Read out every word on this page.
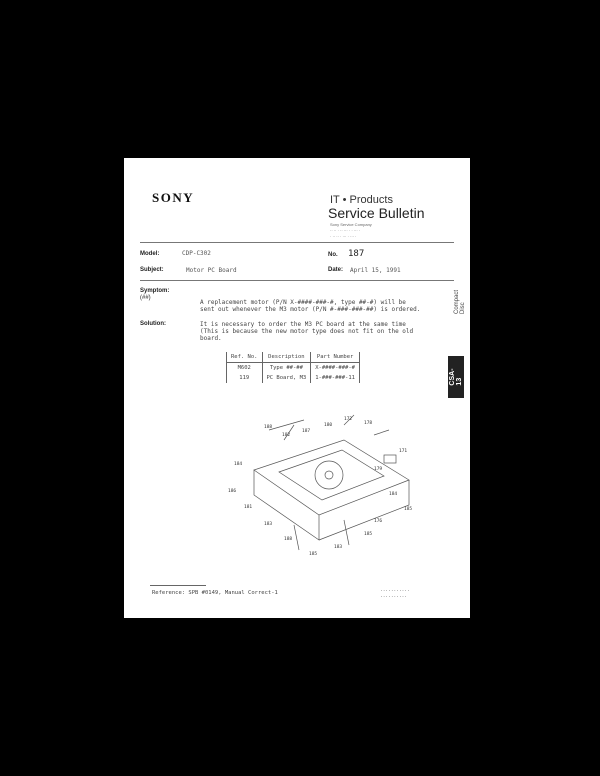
SONY	IT • Products
Service Bulletin
Sony Service Company
·· ·· · ·· ··· · · ··· ·
· ·· ·· · ··· · ··· ·
Model:	CDP-C302	No. 187
Subject:	Motor PC Board	Date: April 15, 1991
Symptom:
(##)
A replacement motor (P/N X-####-###-#, type ##-#) will be
sent out whenever the M3 motor (P/N #-###-###-##) is ordered.
Solution:	It is necessary to order the M3 PC board at the same time
(This is because the new motor type does not fit on the old
board.
Ref. No.	Description	Part Number
M602	Type ##-##	X-####-###-#
119	PC Board, M3	1-###-###-11
Compact Disc
CSA-13
188
182
187
180
172
178
184
171
186
179
181	185
183
176
188
183
185
185
184
Reference: SPB #0149, Manual Correct-1	···········
··········
